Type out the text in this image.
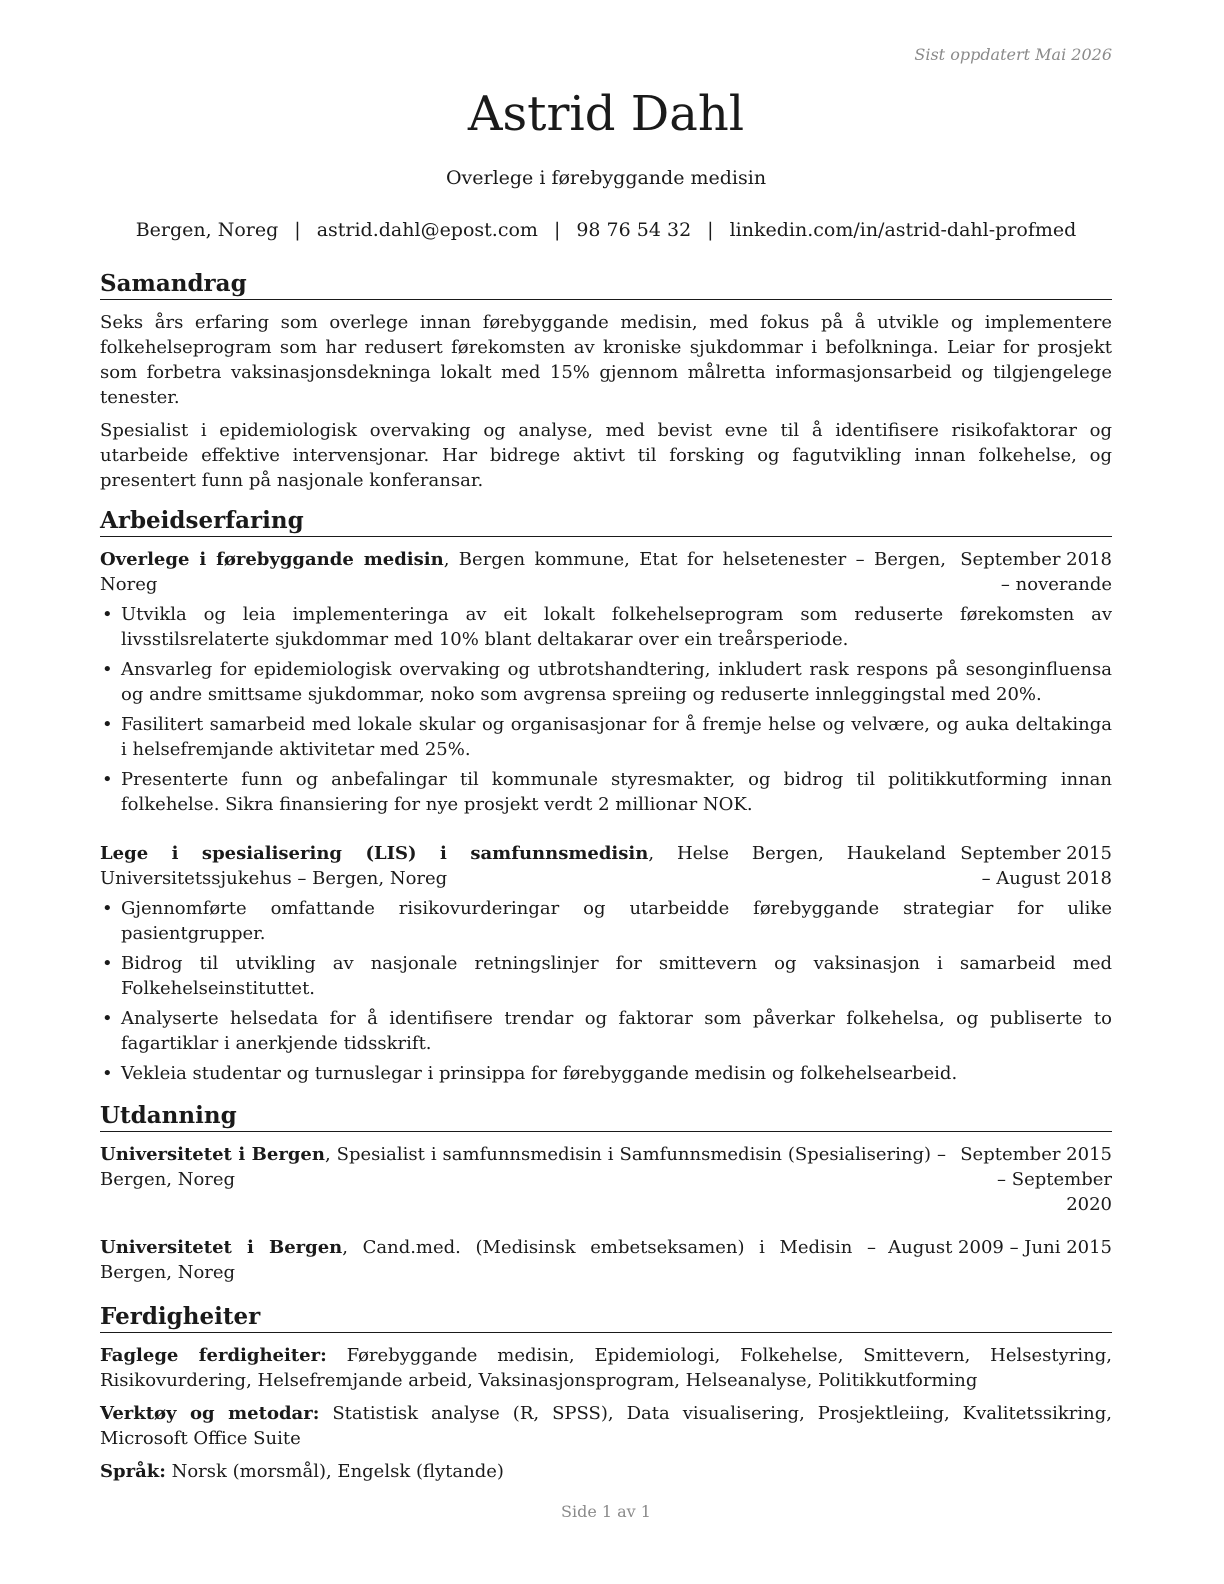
Sist oppdatert Mai 2026
Astrid Dahl
Overlege i førebyggande medisin
Bergen, Noreg | astrid.dahl@epost.com | 98 76 54 32 | linkedin.com/in/astrid-dahl-profmed
Samandrag

Seks års erfaring som overlege innan førebyggande medisin, med fokus på å utvikle og implementere folkehelseprogram som har redusert førekomsten av kroniske sjukdommar i befolkninga. Leiar for prosjekt som forbetra vaksinasjonsdekninga lokalt med 15% gjennom målretta informasjonsarbeid og tilgjengelege tenester.

Spesialist i epidemiologisk overvaking og analyse, med bevist evne til å identifisere risikofaktorar og utarbeide effektive intervensjonar. Har bidrege aktivt til forsking og fagutvikling innan folkehelse, og presentert funn på nasjonale konferansar.

Arbeidserfaring
Overlege i førebyggande medisin, Bergen kommune, Etat for helsetenester – Bergen, Noreg
September 2018 – noverande
• Utvikla og leia implementeringa av eit lokalt folkehelseprogram som reduserte førekomsten av livsstilsrelaterte sjukdommar med 10% blant deltakarar over ein treårsperiode.
• Ansvarleg for epidemiologisk overvaking og utbrotshandtering, inkludert rask respons på sesonginfluensa og andre smittsame sjukdommar, noko som avgrensa spreiing og reduserte innleggingstal med 20%.
• Fasilitert samarbeid med lokale skular og organisasjonar for å fremje helse og velvære, og auka deltakinga i helsefremjande aktivitetar med 25%.
• Presenterte funn og anbefalingar til kommunale styresmakter, og bidrog til politikkutforming innan folkehelse. Sikra finansiering for nye prosjekt verdt 2 millionar NOK.
Lege i spesialisering (LIS) i samfunnsmedisin, Helse Bergen, Haukeland Universitetssjukehus – Bergen, Noreg
September 2015 – August 2018
• Gjennomførte omfattande risikovurderingar og utarbeidde førebyggande strategiar for ulike pasientgrupper.
• Bidrog til utvikling av nasjonale retningslinjer for smittevern og vaksinasjon i samarbeid med Folkehelseinstituttet.
• Analyserte helsedata for å identifisere trendar og faktorar som påverkar folkehelsa, og publiserte to fagartiklar i anerkjende tidsskrift.
• Vekleia studentar og turnuslegar i prinsippa for førebyggande medisin og folkehelsearbeid.
Utdanning
Universitetet i Bergen, Spesialist i samfunnsmedisin i Samfunnsmedisin (Spesialisering) – Bergen, Noreg
September 2015 – September 2020
Universitetet i Bergen, Cand.med. (Medisinsk embetseksamen) i Medisin – Bergen, Noreg
August 2009 – Juni 2015
Ferdigheiter
Faglege ferdigheiter: Førebyggande medisin, Epidemiologi, Folkehelse, Smittevern, Helsestyring, Risikovurdering, Helsefremjande arbeid, Vaksinasjonsprogram, Helseanalyse, Politikkutforming
Verktøy og metodar: Statistisk analyse (R, SPSS), Data visualisering, Prosjektleiing, Kvalitetssikring, Microsoft Office Suite
Språk: Norsk (morsmål), Engelsk (flytande)
Side 1 av 1
